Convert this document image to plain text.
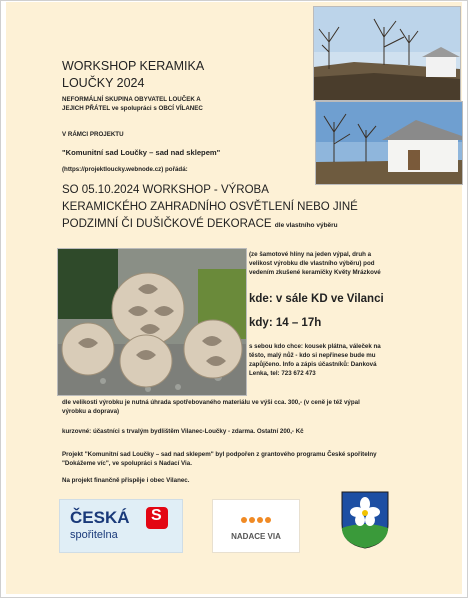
WORKSHOP KERAMIKA
LOUČKY 2024
NEFORMÁLNÍ SKUPINA OBYVATEL LOUČEK A
JEJICH PŘÁTEL ve spolupráci s OBCÍ VÍLANEC
V RÁMCI PROJEKTU
"Komunitní sad Loučky – sad nad sklepem"
(https://projektloucky.webnode.cz) pořádá:
SO 05.10.2024 WORKSHOP - VÝROBA
KERAMICKÉHO ZAHRADNÍHO OSVĚTLENÍ NEBO JINÉ
PODZIMNÍ ČI DUŠIČKOVÉ DEKORACE dle vlastního výběru
(ze šamotové hlíny na jeden výpal, druh a
velikost výrobku dle vlastního výběru) pod
vedením zkušené keramičky Květy Mrázkové
kde: v sále KD ve Vilanci
kdy: 14 – 17h
s sebou kdo chce: kousek plátna, váleček na
těsto, malý nůž - kdo si nepřinese bude mu
zapůjčeno. Info a zápis účastníků: Danková
Lenka, tel: 723 672 473
dle velikosti výrobku je nutná úhrada spotřebovaného materiálu ve výši cca. 300,- (v ceně je též výpal
výrobku a doprava)
kurzovné: účastníci s trvalým bydlištěm Vilanec-Loučky - zdarma. Ostatní 200,- Kč
Projekt "Komunitní sad Loučky – sad nad sklepem" byl podpořen z grantového programu České spořitelny
"Dokážeme víc", ve spolupráci s Nadací Via.
Na projekt finančně přispěje i obec Vilanec.
ČESKÁ
spořitelna
S
NADACE VIA
